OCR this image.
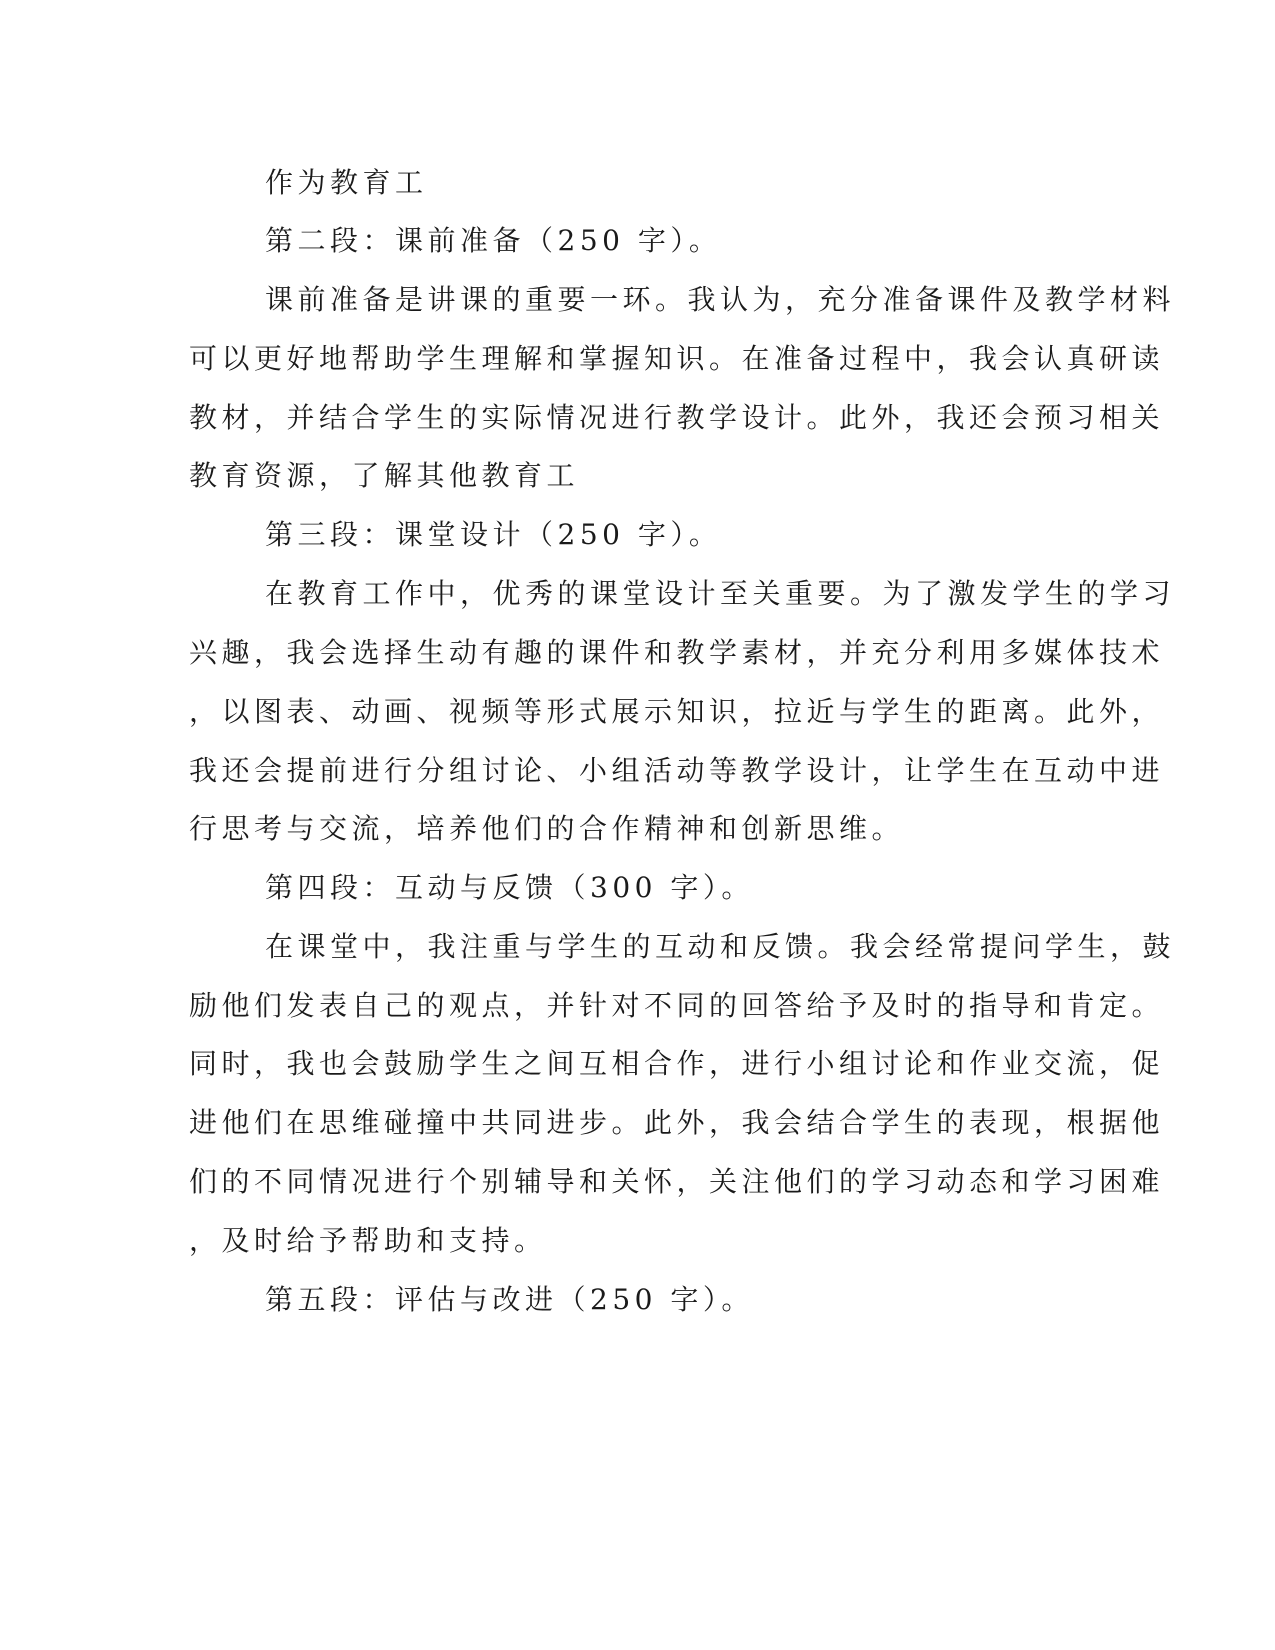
作为教育工
第二段：课前准备（250 字）。
课前准备是讲课的重要一环。我认为，充分准备课件及教学材料
可以更好地帮助学生理解和掌握知识。在准备过程中，我会认真研读
教材，并结合学生的实际情况进行教学设计。此外，我还会预习相关
教育资源，了解其他教育工
第三段：课堂设计（250 字）。
在教育工作中，优秀的课堂设计至关重要。为了激发学生的学习
兴趣，我会选择生动有趣的课件和教学素材，并充分利用多媒体技术
，以图表、动画、视频等形式展示知识，拉近与学生的距离。此外，
我还会提前进行分组讨论、小组活动等教学设计，让学生在互动中进
行思考与交流，培养他们的合作精神和创新思维。
第四段：互动与反馈（300 字）。
在课堂中，我注重与学生的互动和反馈。我会经常提问学生，鼓
励他们发表自己的观点，并针对不同的回答给予及时的指导和肯定。
同时，我也会鼓励学生之间互相合作，进行小组讨论和作业交流，促
进他们在思维碰撞中共同进步。此外，我会结合学生的表现，根据他
们的不同情况进行个别辅导和关怀，关注他们的学习动态和学习困难
，及时给予帮助和支持。
第五段：评估与改进（250 字）。
